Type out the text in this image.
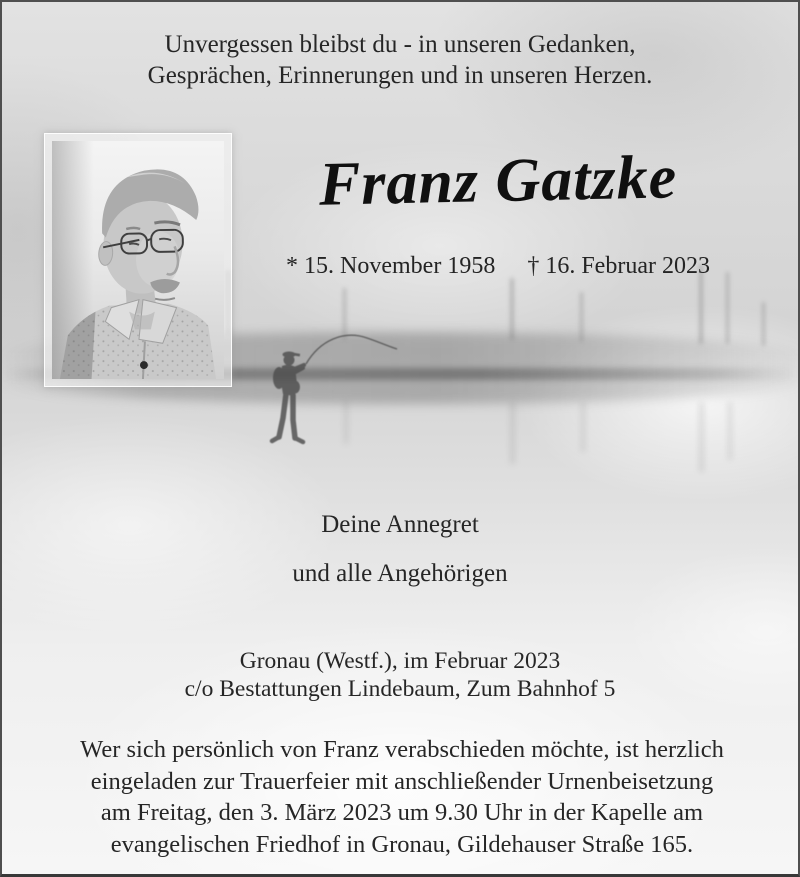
Unvergessen bleibst du - in unseren Gedanken,
Gesprächen, Erinnerungen und in unseren Herzen.
Franz Gatzke
* 15. November 1958 † 16. Februar 2023
Deine Annegret
und alle Angehörigen
Gronau (Westf.), im Februar 2023
c/o Bestattungen Lindebaum, Zum Bahnhof 5
Wer sich persönlich von Franz verabschieden möchte, ist herzlich
eingeladen zur Trauerfeier mit anschließender Urnenbeisetzung
am Freitag, den 3. März 2023 um 9.30 Uhr in der Kapelle am
evangelischen Friedhof in Gronau, Gildehauser Straße 165.
